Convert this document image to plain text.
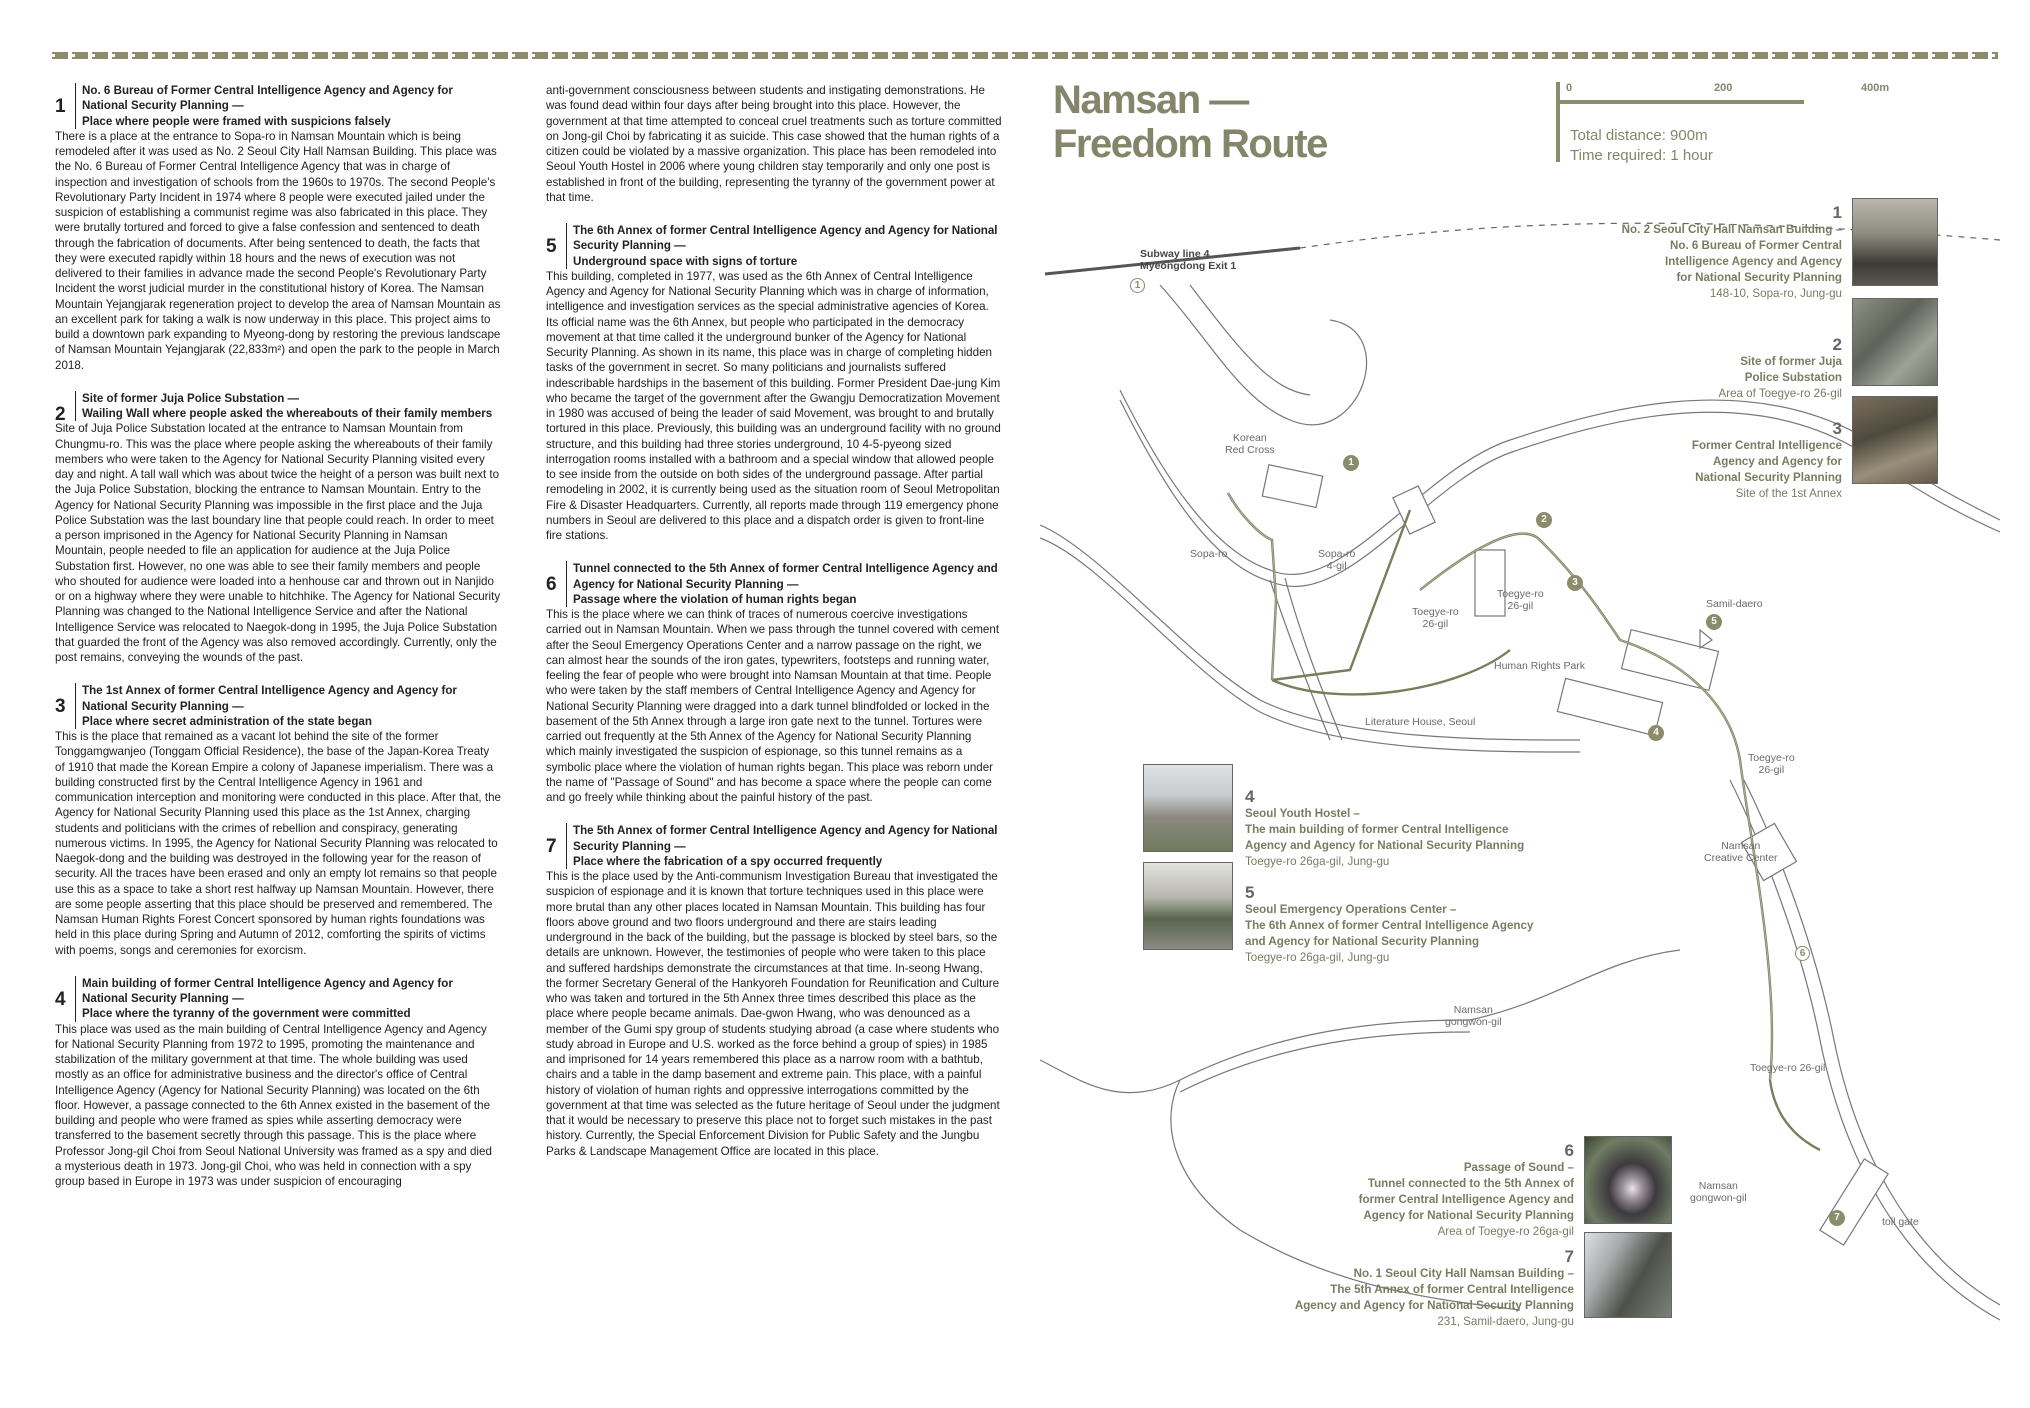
1
No. 6 Bureau of Former Central Intelligence Agency and Agency for National Security Planning —
Place where people were framed with suspicions falsely
There is a place at the entrance to Sopa-ro in Namsan Mountain which is being remodeled after it was used as No. 2 Seoul City Hall Namsan Building. This place was the No. 6 Bureau of Former Central Intelligence Agency that was in charge of inspection and investigation of schools from the 1960s to 1970s. The second People's Revolutionary Party Incident in 1974 where 8 people were executed jailed under the suspicion of establishing a communist regime was also fabricated in this place. They were brutally tortured and forced to give a false confession and sentenced to death through the fabrication of documents. After being sentenced to death, the facts that they were executed rapidly within 18 hours and the news of execution was not delivered to their families in advance made the second People's Revolutionary Party Incident the worst judicial murder in the constitutional history of Korea. The Namsan Mountain Yejangjarak regeneration project to develop the area of Namsan Mountain as an excellent park for taking a walk is now underway in this place. This project aims to build a downtown park expanding to Myeong-dong by restoring the previous landscape of Namsan Mountain Yejangjarak (22,833m²) and open the park to the people in March 2018.
2
Site of former Juja Police Substation —
Wailing Wall where people asked the whereabouts of their family members
Site of Juja Police Substation located at the entrance to Namsan Mountain from Chungmu-ro. This was the place where people asking the whereabouts of their family members who were taken to the Agency for National Security Planning visited every day and night. A tall wall which was about twice the height of a person was built next to the Juja Police Substation, blocking the entrance to Namsan Mountain. Entry to the Agency for National Security Planning was impossible in the first place and the Juja Police Substation was the last boundary line that people could reach. In order to meet a person imprisoned in the Agency for National Security Planning in Namsan Mountain, people needed to file an application for audience at the Juja Police Substation first. However, no one was able to see their family members and people who shouted for audience were loaded into a henhouse car and thrown out in Nanjido or on a highway where they were unable to hitchhike. The Agency for National Security Planning was changed to the National Intelligence Service and after the National Intelligence Service was relocated to Naegok-dong in 1995, the Juja Police Substation that guarded the front of the Agency was also removed accordingly. Currently, only the post remains, conveying the wounds of the past.
3
The 1st Annex of former Central Intelligence Agency and Agency for National Security Planning —
Place where secret administration of the state began
This is the place that remained as a vacant lot behind the site of the former Tonggamgwanjeo (Tonggam Official Residence), the base of the Japan-Korea Treaty of 1910 that made the Korean Empire a colony of Japanese imperialism. There was a building constructed first by the Central Intelligence Agency in 1961 and communication interception and monitoring were conducted in this place. After that, the Agency for National Security Planning used this place as the 1st Annex, charging students and politicians with the crimes of rebellion and conspiracy, generating numerous victims. In 1995, the Agency for National Security Planning was relocated to Naegok-dong and the building was destroyed in the following year for the reason of security. All the traces have been erased and only an empty lot remains so that people use this as a space to take a short rest halfway up Namsan Mountain. However, there are some people asserting that this place should be preserved and remembered. The Namsan Human Rights Forest Concert sponsored by human rights foundations was held in this place during Spring and Autumn of 2012, comforting the spirits of victims with poems, songs and ceremonies for exorcism.
4
Main building of former Central Intelligence Agency and Agency for National Security Planning —
Place where the tyranny of the government were committed
This place was used as the main building of Central Intelligence Agency and Agency for National Security Planning from 1972 to 1995, promoting the maintenance and stabilization of the military government at that time. The whole building was used mostly as an office for administrative business and the director's office of Central Intelligence Agency (Agency for National Security Planning) was located on the 6th floor. However, a passage connected to the 6th Annex existed in the basement of the building and people who were framed as spies while asserting democracy were transferred to the basement secretly through this passage. This is the place where Professor Jong-gil Choi from Seoul National University was framed as a spy and died a mysterious death in 1973. Jong-gil Choi, who was held in connection with a spy group based in Europe in 1973 was under suspicion of encouraging
anti-government consciousness between students and instigating demonstrations. He was found dead within four days after being brought into this place. However, the government at that time attempted to conceal cruel treatments such as torture committed on Jong-gil Choi by fabricating it as suicide. This case showed that the human rights of a citizen could be violated by a massive organization. This place has been remodeled into Seoul Youth Hostel in 2006 where young children stay temporarily and only one post is established in front of the building, representing the tyranny of the government power at that time.
5
The 6th Annex of former Central Intelligence Agency and Agency for National Security Planning —
Underground space with signs of torture
This building, completed in 1977, was used as the 6th Annex of Central Intelligence Agency and Agency for National Security Planning which was in charge of information, intelligence and investigation services as the special administrative agencies of Korea. Its official name was the 6th Annex, but people who participated in the democracy movement at that time called it the underground bunker of the Agency for National Security Planning. As shown in its name, this place was in charge of completing hidden tasks of the government in secret. So many politicians and journalists suffered indescribable hardships in the basement of this building. Former President Dae-jung Kim who became the target of the government after the Gwangju Democratization Movement in 1980 was accused of being the leader of said Movement, was brought to and brutally tortured in this place. Previously, this building was an underground facility with no ground structure, and this building had three stories underground, 10 4-5-pyeong sized interrogation rooms installed with a bathroom and a special window that allowed people to see inside from the outside on both sides of the underground passage. After partial remodeling in 2002, it is currently being used as the situation room of Seoul Metropolitan Fire & Disaster Headquarters. Currently, all reports made through 119 emergency phone numbers in Seoul are delivered to this place and a dispatch order is given to front-line fire stations.
6
Tunnel connected to the 5th Annex of former Central Intelligence Agency and Agency for National Security Planning —
Passage where the violation of human rights began
This is the place where we can think of traces of numerous coercive investigations carried out in Namsan Mountain. When we pass through the tunnel covered with cement after the Seoul Emergency Operations Center and a narrow passage on the right, we can almost hear the sounds of the iron gates, typewriters, footsteps and running water, feeling the fear of people who were brought into Namsan Mountain at that time. People who were taken by the staff members of Central Intelligence Agency and Agency for National Security Planning were dragged into a dark tunnel blindfolded or locked in the basement of the 5th Annex through a large iron gate next to the tunnel. Tortures were carried out frequently at the 5th Annex of the Agency for National Security Planning which mainly investigated the suspicion of espionage, so this tunnel remains as a symbolic place where the violation of human rights began. This place was reborn under the name of "Passage of Sound" and has become a space where the people can come and go freely while thinking about the painful history of the past.
7
The 5th Annex of former Central Intelligence Agency and Agency for National Security Planning —
Place where the fabrication of a spy occurred frequently
This is the place used by the Anti-communism Investigation Bureau that investigated the suspicion of espionage and it is known that torture techniques used in this place were more brutal than any other places located in Namsan Mountain. This building has four floors above ground and two floors underground and there are stairs leading underground in the back of the building, but the passage is blocked by steel bars, so the details are unknown. However, the testimonies of people who were taken to this place and suffered hardships demonstrate the circumstances at that time. In-seong Hwang, the former Secretary General of the Hankyoreh Foundation for Reunification and Culture who was taken and tortured in the 5th Annex three times described this place as the place where people became animals. Dae-gwon Hwang, who was denounced as a member of the Gumi spy group of students studying abroad (a case where students who study abroad in Europe and U.S. worked as the force behind a group of spies) in 1985 and imprisoned for 14 years remembered this place as a narrow room with a bathtub, chairs and a table in the damp basement and extreme pain. This place, with a painful history of violation of human rights and oppressive interrogations committed by the government at that time was selected as the future heritage of Seoul under the judgment that it would be necessary to preserve this place not to forget such mistakes in the past history. Currently, the Special Enforcement Division for Public Safety and the Jungbu Parks & Landscape Management Office are located in this place.
Namsan —
Freedom Route
0	200	400m
Total distance: 900m
Time required: 1 hour
Subway line 4
Myeongdong Exit 1
1
Korean
Red Cross
Sopa-ro	Sopa-ro
4-gil
Toegye-ro
26-gil
Toegye-ro
26-gil
Human Rights Park
Literature House, Seoul
Samil-daero
Toegye-ro
26-gil
Namsan
Creative Center
Namsan
gongwon-gil
Toegye-ro 26-gil
Namsan
gongwon-gil
toll gate
1
2
3
4
5
6
7

1
No. 2 Seoul City Hall Namsan Building –
No. 6 Bureau of Former Central
Intelligence Agency and Agency
for National Security Planning
148-10, Sopa-ro, Jung-gu

2
Site of former Juja
Police Substation
Area of Toegye-ro 26-gil

3
Former Central Intelligence
Agency and Agency for
National Security Planning
Site of the 1st Annex

4
Seoul Youth Hostel –
The main building of former Central Intelligence
Agency and Agency for National Security Planning
Toegye-ro 26ga-gil, Jung-gu

5
Seoul Emergency Operations Center –
The 6th Annex of former Central Intelligence Agency
and Agency for National Security Planning
Toegye-ro 26ga-gil, Jung-gu

6
Passage of Sound –
Tunnel connected to the 5th Annex of
former Central Intelligence Agency and
Agency for National Security Planning
Area of Toegye-ro 26ga-gil

7
No. 1 Seoul City Hall Namsan Building –
The 5th Annex of former Central Intelligence
Agency and Agency for National Security Planning
231, Samil-daero, Jung-gu
